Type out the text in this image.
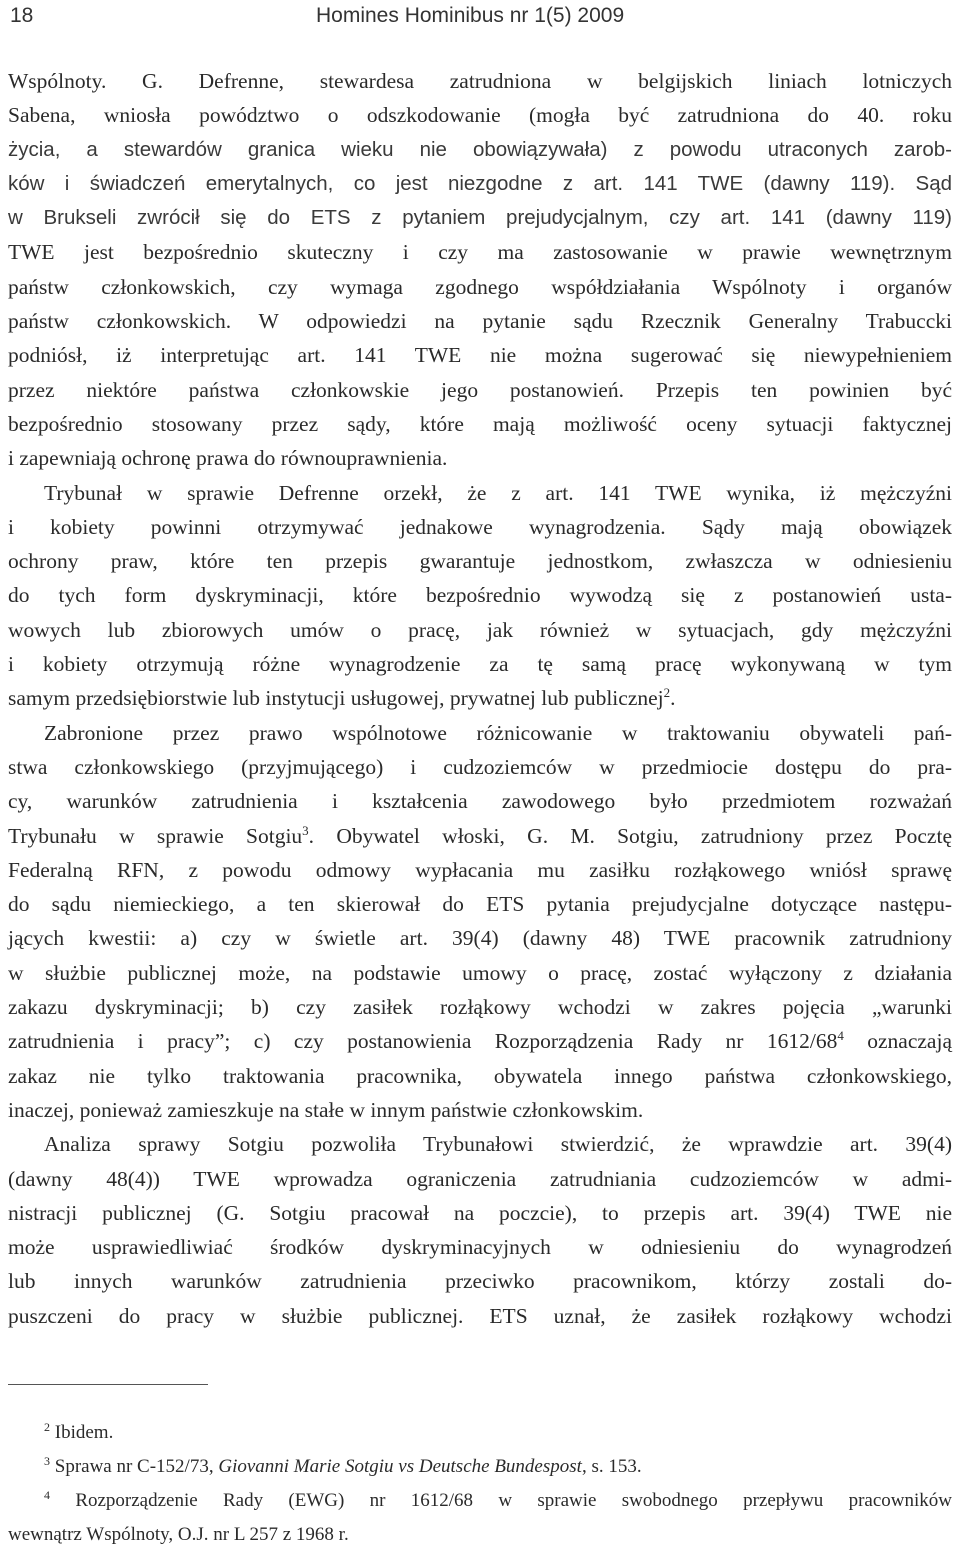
18	Homines Hominibus nr 1(5) 2009
Wspólnoty. G. Defrenne, stewardesa zatrudniona w belgijskich liniach lotniczych
Sabena, wniosła powództwo o odszkodowanie (mogła być zatrudniona do 40. roku
życia, a stewardów granica wieku nie obowiązywała) z powodu utraconych zarob-
ków i świadczeń emerytalnych, co jest niezgodne z art. 141 TWE (dawny 119). Sąd
w Brukseli zwrócił się do ETS z pytaniem prejudycjalnym, czy art. 141 (dawny 119)
TWE jest bezpośrednio skuteczny i czy ma zastosowanie w prawie wewnętrznym
państw członkowskich, czy wymaga zgodnego współdziałania Wspólnoty i organów
państw członkowskich. W odpowiedzi na pytanie sądu Rzecznik Generalny Trabuccki
podniósł, iż interpretując art. 141 TWE nie można sugerować się niewypełnieniem
przez niektóre państwa członkowskie jego postanowień. Przepis ten powinien być
bezpośrednio stosowany przez sądy, które mają możliwość oceny sytuacji faktycznej
i zapewniają ochronę prawa do równouprawnienia.
Trybunał w sprawie Defrenne orzekł, że z art. 141 TWE wynika, iż mężczyźni
i kobiety powinni otrzymywać jednakowe wynagrodzenia. Sądy mają obowiązek
ochrony praw, które ten przepis gwarantuje jednostkom, zwłaszcza w odniesieniu
do tych form dyskryminacji, które bezpośrednio wywodzą się z postanowień usta-
wowych lub zbiorowych umów o pracę, jak również w sytuacjach, gdy mężczyźni
i kobiety otrzymują różne wynagrodzenie za tę samą pracę wykonywaną w tym
samym przedsiębiorstwie lub instytucji usługowej, prywatnej lub publicznej$^2$.
Zabronione przez prawo wspólnotowe różnicowanie w traktowaniu obywateli pań-
stwa członkowskiego (przyjmującego) i cudzoziemców w przedmiocie dostępu do pra-
cy, warunków zatrudnienia i kształcenia zawodowego było przedmiotem rozważań
Trybunału w sprawie Sotgiu$^3$. Obywatel włoski, G. M. Sotgiu, zatrudniony przez Pocztę
Federalną RFN, z powodu odmowy wypłacania mu zasiłku rozłąkowego wniósł sprawę
do sądu niemieckiego, a ten skierował do ETS pytania prejudycjalne dotyczące następu-
jących kwestii: a) czy w świetle art. 39(4) (dawny 48) TWE pracownik zatrudniony
w służbie publicznej może, na podstawie umowy o pracę, zostać wyłączony z działania
zakazu dyskryminacji; b) czy zasiłek rozłąkowy wchodzi w zakres pojęcia „warunki
zatrudnienia i pracy”; c) czy postanowienia Rozporządzenia Rady nr $1612/68^4$ oznaczają
zakaz nie tylko traktowania pracownika, obywatela innego państwa członkowskiego,
inaczej, ponieważ zamieszkuje na stałe w innym państwie członkowskim.
Analiza sprawy Sotgiu pozwoliła Trybunałowi stwierdzić, że wprawdzie art. 39(4)
(dawny 48(4)) TWE wprowadza ograniczenia zatrudniania cudzoziemców w admi-
nistracji publicznej (G. Sotgiu pracował na poczcie), to przepis art. 39(4) TWE nie
może usprawiedliwiać środków dyskryminacyjnych w odniesieniu do wynagrodzeń
lub innych warunków zatrudnienia przeciwko pracownikom, którzy zostali do-
puszczeni do pracy w służbie publicznej. ETS uznał, że zasiłek rozłąkowy wchodzi
$^2$ Ibidem.
$^3$ Sprawa nr C-152/73, Giovanni Marie Sotgiu vs Deutsche Bundespost, s. 153.
$^4$ Rozporządzenie Rady (EWG) nr 1612/68 w sprawie swobodnego przepływu pracowników
wewnątrz Wspólnoty, O.J. nr L 257 z 1968 r.
